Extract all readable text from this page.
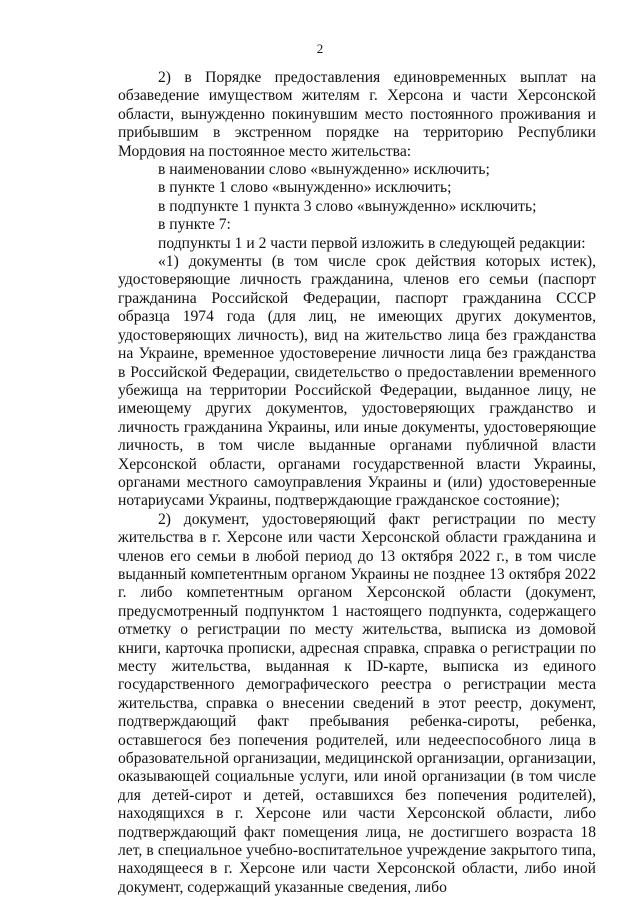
2

2) в Порядке предоставления единовременных выплат на обзаведение имуществом жителям г. Херсона и части Херсонской области, вынужденно покинувшим место постоянного проживания и прибывшим в экстренном порядке на территорию Республики Мордовия на постоянное место жительства:

в наименовании слово «вынужденно» исключить;

в пункте 1 слово «вынужденно» исключить;

в подпункте 1 пункта 3 слово «вынужденно» исключить;

в пункте 7:

подпункты 1 и 2 части первой изложить в следующей редакции:

«1) документы (в том числе срок действия которых истек), удостоверяющие личность гражданина, членов его семьи (паспорт гражданина Российской Федерации, паспорт гражданина СССР образца 1974 года (для лиц, не имеющих других документов, удостоверяющих личность), вид на жительство лица без гражданства на Украине, временное удостоверение личности лица без гражданства в Российской Федерации, свидетельство о предоставлении временного убежища на территории Российской Федерации, выданное лицу, не имеющему других документов, удостоверяющих гражданство и личность гражданина Украины, или иные документы, удостоверяющие личность, в том числе выданные органами публичной власти Херсонской области, органами государственной власти Украины, органами местного самоуправления Украины и (или) удостоверенные нотариусами Украины, подтверждающие гражданское состояние);

2) документ, удостоверяющий факт регистрации по месту жительства в г. Херсоне или части Херсонской области гражданина и членов его семьи в любой период до 13 октября 2022 г., в том числе выданный компетентным органом Украины не позднее 13 октября 2022 г. либо компетентным органом Херсонской области (документ, предусмотренный подпунктом 1 настоящего подпункта, содержащего отметку о регистрации по месту жительства, выписка из домовой книги, карточка прописки, адресная справка, справка о регистрации по месту жительства, выданная к ID-карте, выписка из единого государственного демографического реестра о регистрации места жительства, справка о внесении сведений в этот реестр, документ, подтверждающий факт пребывания ребенка-сироты, ребенка, оставшегося без попечения родителей, или недееспособного лица в образовательной организации, медицинской организации, организации, оказывающей социальные услуги, или иной организации (в том числе для детей-сирот и детей, оставшихся без попечения родителей), находящихся в г. Херсоне или части Херсонской области, либо подтверждающий факт помещения лица, не достигшего возраста 18 лет, в специальное учебно-воспитательное учреждение закрытого типа, находящееся в г. Херсоне или части Херсонской области, либо иной документ, содержащий указанные сведения, либо
